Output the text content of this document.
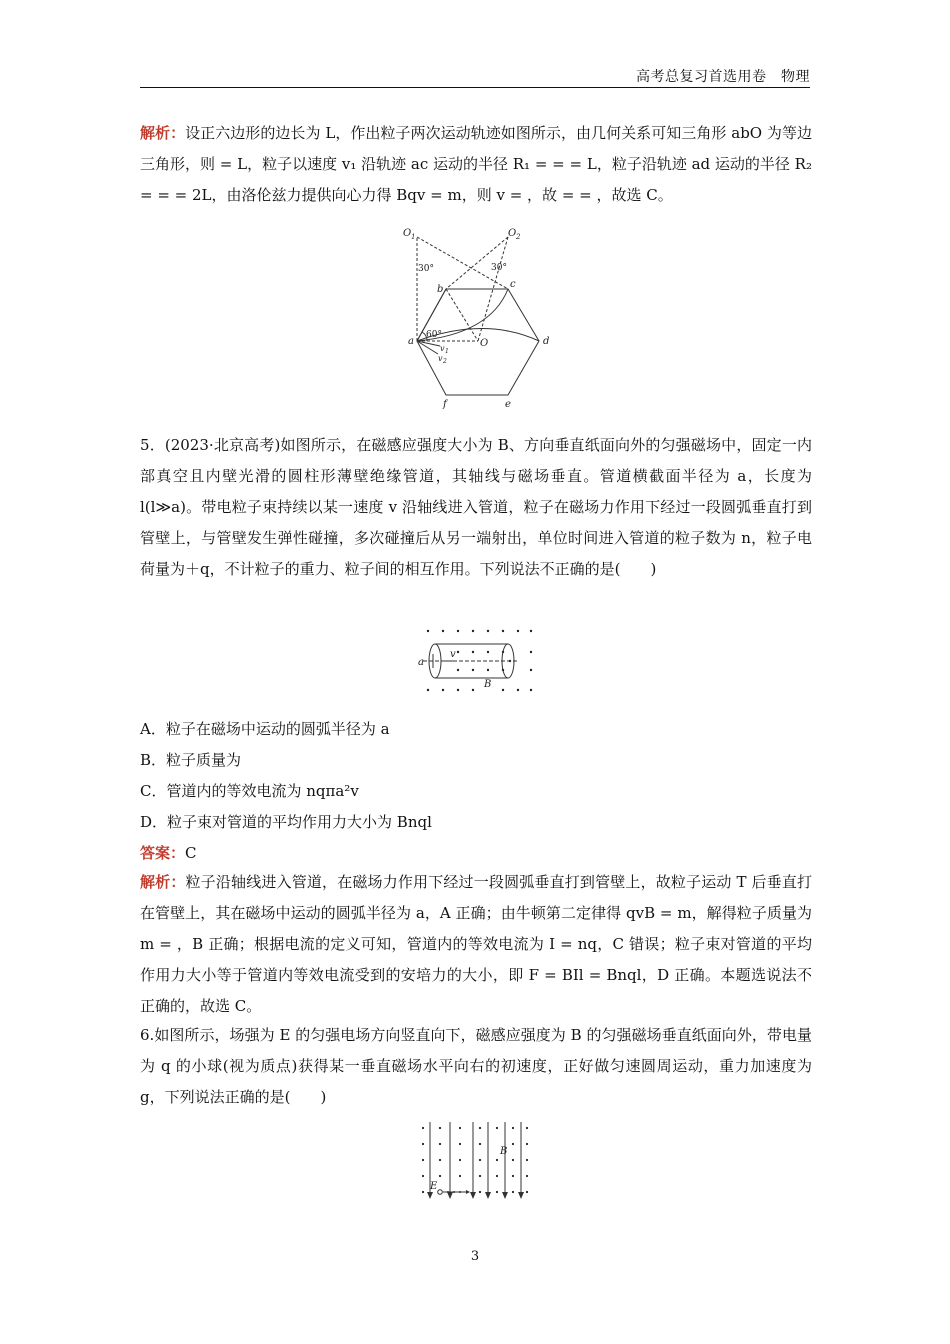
高考总复习首选用卷　物理
解析：设正六边形的边长为 L，作出粒子两次运动轨迹如图所示，由几何关系可知三角形 abO 为等边三角形，则 = L，粒子以速度 v₁ 沿轨迹 ac 运动的半径 R₁ = = = L，粒子沿轨迹 ad 运动的半径 R₂ = = = 2L，由洛伦兹力提供向心力得 Bqv = m，则 v = ，故 = = ，故选 C。
O 1	O 2
30°	30°
60°
a
b	c
d
e
f
O
v 1
v 2
5．(2023·北京高考)如图所示，在磁感应强度大小为 B、方向垂直纸面向外的匀强磁场中，固定一内部真空且内壁光滑的圆柱形薄壁绝缘管道，其轴线与磁场垂直。管道横截面半径为 a，长度为 l(l≫a)。带电粒子束持续以某一速度 v 沿轴线进入管道，粒子在磁场力作用下经过一段圆弧垂直打到管壁上，与管壁发生弹性碰撞，多次碰撞后从另一端射出，单位时间进入管道的粒子数为 n，粒子电荷量为＋q，不计粒子的重力、粒子间的相互作用。下列说法不正确的是(　　)
a
v
B
A．粒子在磁场中运动的圆弧半径为 a
B．粒子质量为
C．管道内的等效电流为 nqπa²v
D．粒子束对管道的平均作用力大小为 Bnql
答案：C
解析：粒子沿轴线进入管道，在磁场力作用下经过一段圆弧垂直打到管壁上，故粒子运动 T 后垂直打在管壁上，其在磁场中运动的圆弧半径为 a，A 正确；由牛顿第二定律得 qvB = m，解得粒子质量为 m = ，B 正确；根据电流的定义可知，管道内的等效电流为 I = nq，C 错误；粒子束对管道的平均作用力大小等于管道内等效电流受到的安培力的大小，即 F = BIl = Bnql，D 正确。本题选说法不正确的，故选 C。
6.如图所示，场强为 E 的匀强电场方向竖直向下，磁感应强度为 B 的匀强磁场垂直纸面向外，带电量为 q 的小球(视为质点)获得某一垂直磁场水平向右的初速度，正好做匀速圆周运动，重力加速度为 g，下列说法正确的是(　　)
B
E
3
